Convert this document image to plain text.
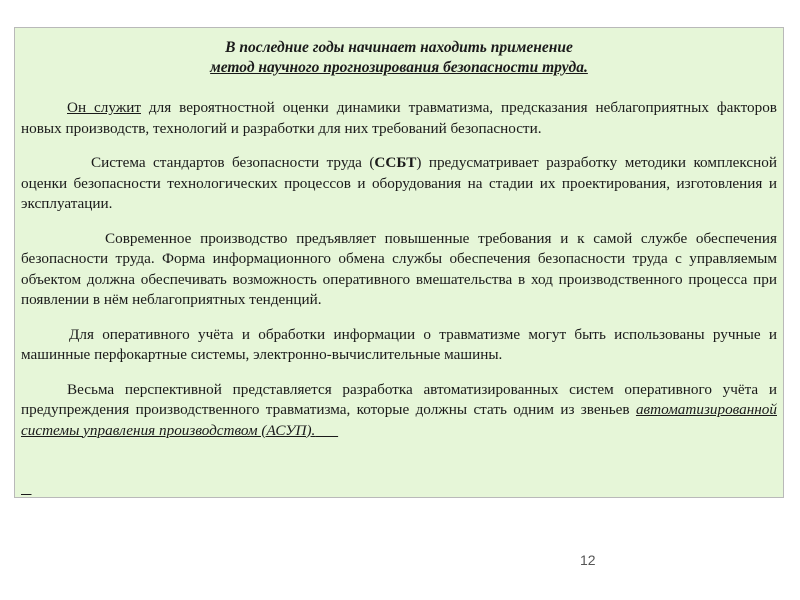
В последние годы начинает находить применение
метод научного прогнозирования безопасности труда.

Он служит для вероятностной оценки динамики травматизма, предсказания неблагоприятных факторов новых производств, технологий и разработки для них требований безопасности.

Система стандартов безопасности труда (ССБТ) предусматривает разработку методики комплексной оценки безопасности технологических процессов и оборудования на стадии их проектирования, изготовления и эксплуатации.

Современное производство предъявляет повышенные требования и к самой службе обеспечения безопасности труда. Форма информационного обмена службы обеспечения безопасности труда с управляемым объектом должна обеспечивать возможность оперативного вмешательства в ход производственного процесса при появлении в нём неблагоприятных тенденций.

Для оперативного учёта и обработки информации о травматизме могут быть использованы ручные и машинные перфокартные системы, электронно-вычислительные машины.

Весьма перспективной представляется разработка автоматизированных систем оперативного учёта и предупреждения производственного травматизма, которые должны стать одним из звеньев автоматизированной системы управления производством (АСУП).

12
